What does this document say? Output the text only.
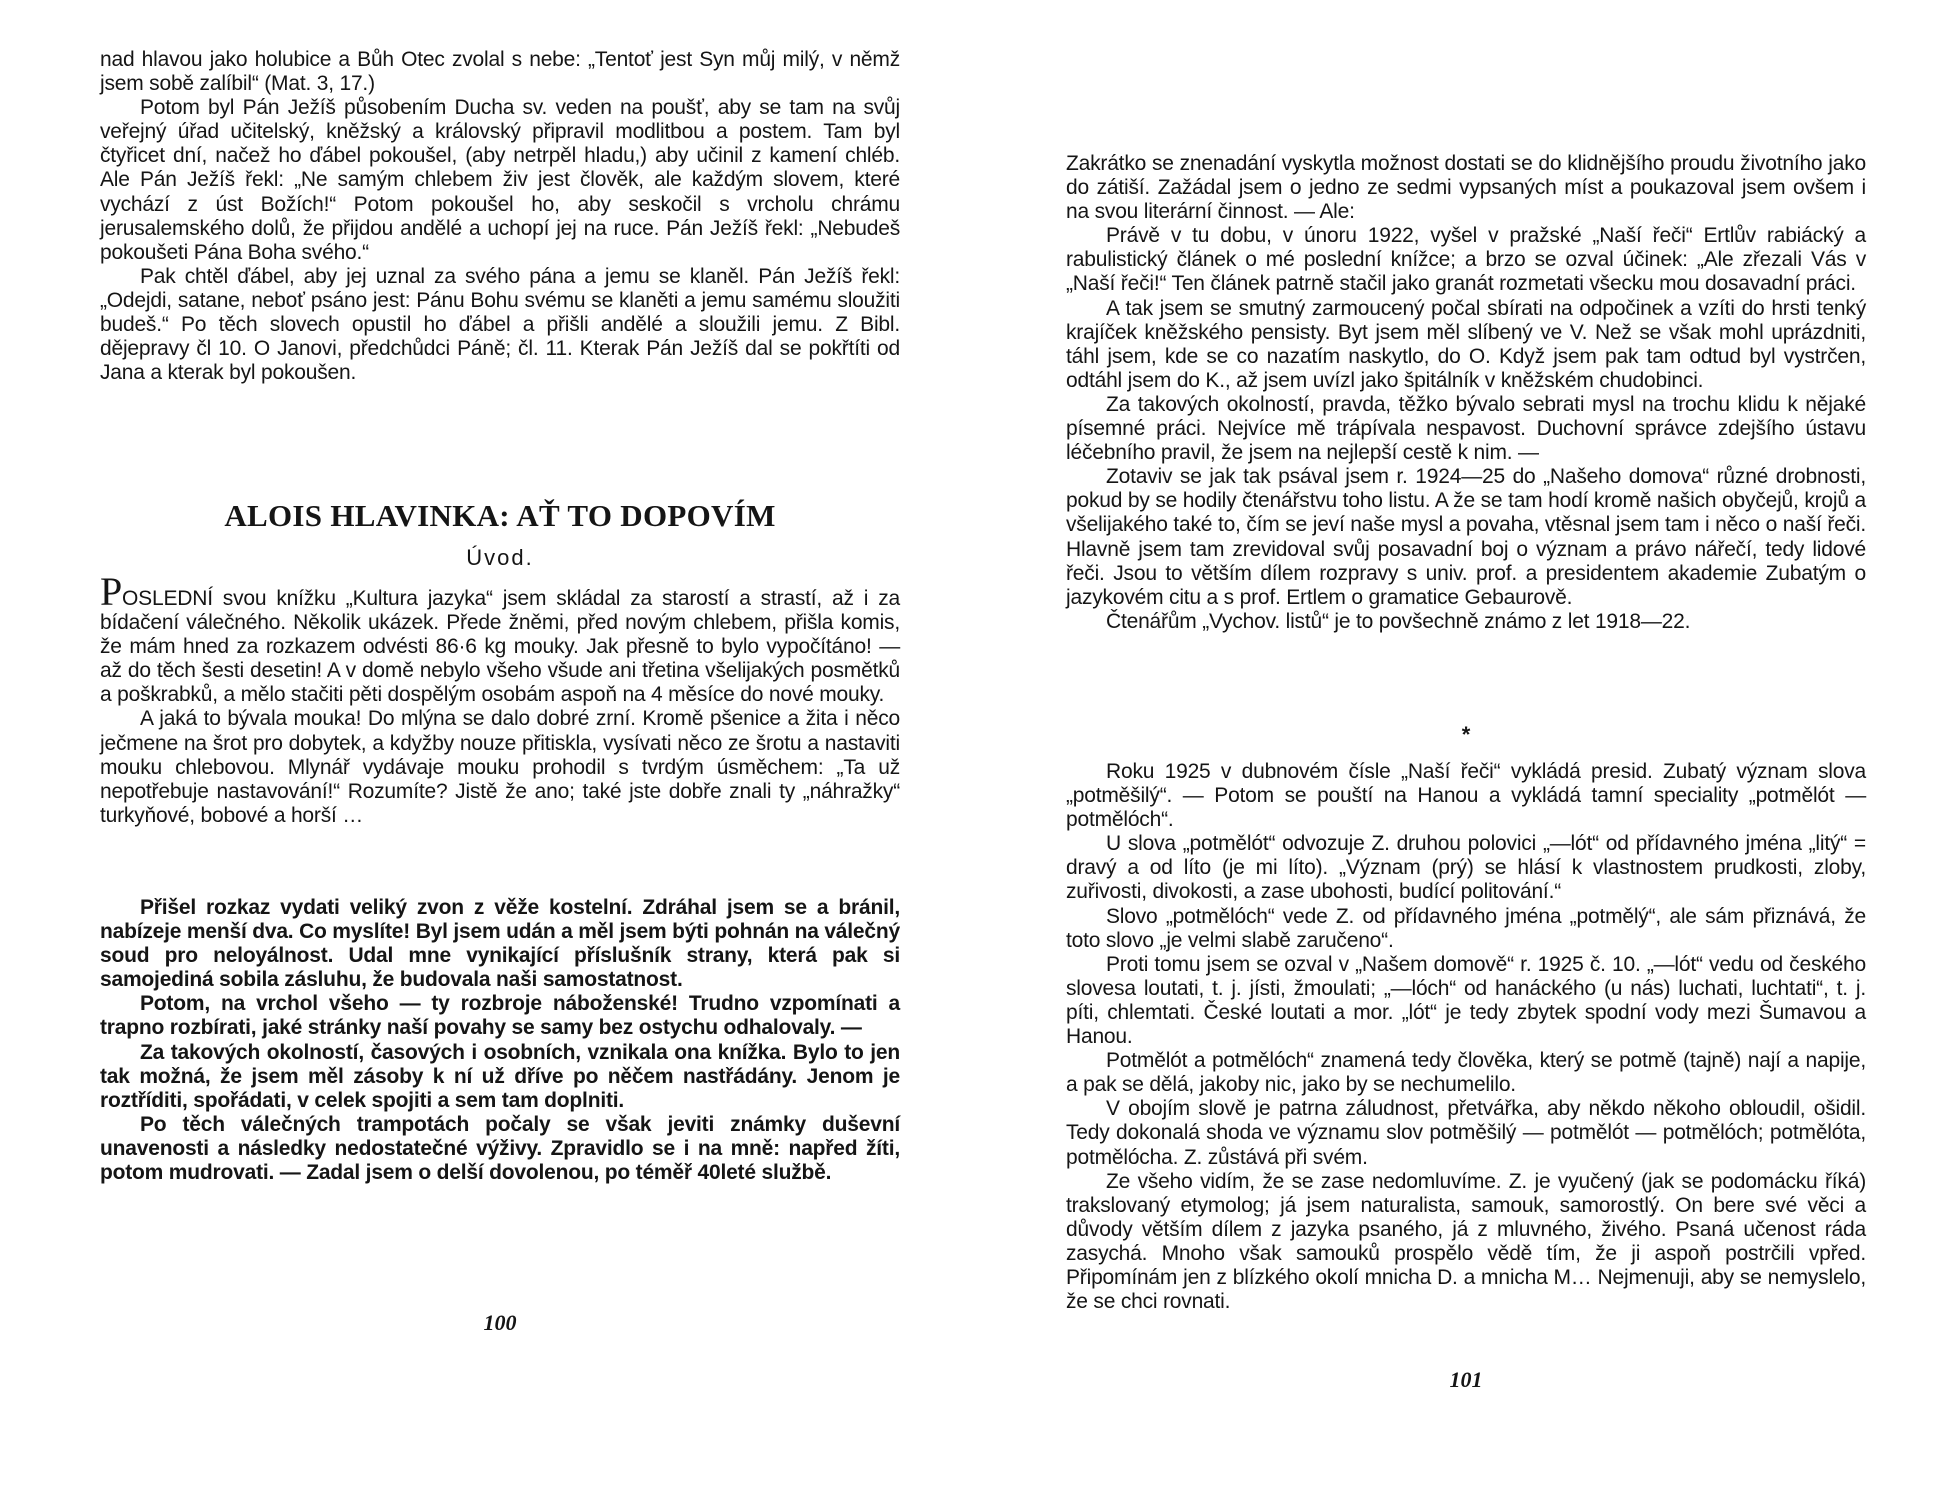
nad hlavou jako holubice a Bůh Otec zvolal s nebe: „Tentoť jest Syn můj milý, v němž jsem sobě zalíbil“ (Mat. 3, 17.)

Potom byl Pán Ježíš působením Ducha sv. veden na poušť, aby se tam na svůj veřejný úřad učitelský, kněžský a královský připravil modlitbou a postem. Tam byl čtyřicet dní, načež ho ďábel pokoušel, (aby netrpěl hladu,) aby učinil z kamení chléb. Ale Pán Ježíš řekl: „Ne samým chlebem živ jest člověk, ale každým slovem, které vychází z úst Božích!“ Potom pokoušel ho, aby seskočil s vrcholu chrámu jerusalemského dolů, že přijdou andělé a uchopí jej na ruce. Pán Ježíš řekl: „Nebudeš pokoušeti Pána Boha svého.“

Pak chtěl ďábel, aby jej uznal za svého pána a jemu se klaněl. Pán Ježíš řekl: „Odejdi, satane, neboť psáno jest: Pánu Bohu svému se klaněti a jemu samému sloužiti budeš.“ Po těch slovech opustil ho ďábel a přišli andělé a sloužili jemu. Z Bibl. dějepravy čl 10. O Janovi, předchůdci Páně; čl. 11. Kterak Pán Ježíš dal se pokřtíti od Jana a kterak byl pokoušen.

ALOIS HLAVINKA: AŤ TO DOPOVÍM

Úvod.

POSLEDNÍ svou knížku „Kultura jazyka“ jsem skládal za starostí a strastí, až i za bídačení válečného. Několik ukázek. Přede žněmi, před novým chlebem, přišla komis, že mám hned za rozkazem odvésti 86·6 kg mouky. Jak přesně to bylo vypočítáno! — až do těch šesti desetin! A v domě nebylo všeho všude ani třetina všelijakých posmětků a poškrabků, a mělo stačiti pěti dospělým osobám aspoň na 4 měsíce do nové mouky.

A jaká to bývala mouka! Do mlýna se dalo dobré zrní. Kromě pšenice a žita i něco ječmene na šrot pro dobytek, a kdyžby nouze přitiskla, vysívati něco ze šrotu a nastaviti mouku chlebovou. Mlynář vydávaje mouku prohodil s tvrdým úsměchem: „Ta už nepotřebuje nastavování!“ Rozumíte? Jistě že ano; také jste dobře znali ty „náhražky“ turkyňové, bobové a horší …

Přišel rozkaz vydati veliký zvon z věže kostelní. Zdráhal jsem se a bránil, nabízeje menší dva. Co myslíte! Byl jsem udán a měl jsem býti pohnán na válečný soud pro neloyálnost. Udal mne vynikající příslušník strany, která pak si samojediná sobila zásluhu, že budovala naši samostatnost.

Potom, na vrchol všeho — ty rozbroje náboženské! Trudno vzpomínati a trapno rozbírati, jaké stránky naší povahy se samy bez ostychu odhalovaly. —

Za takových okolností, časových i osobních, vznikala ona knížka. Bylo to jen tak možná, že jsem měl zásoby k ní už dříve po něčem nastřádány. Jenom je roztříditi, spořádati, v celek spojiti a sem tam doplniti.

Po těch válečných trampotách počaly se však jeviti známky duševní unavenosti a následky nedostatečné výživy. Zpravidlo se i na mně: napřed žíti, potom mudrovati. — Zadal jsem o delší dovolenou, po téměř 40leté službě.

100

Zakrátko se znenadání vyskytla možnost dostati se do klidnějšího proudu životního jako do zátiší. Zažádal jsem o jedno ze sedmi vypsaných míst a poukazoval jsem ovšem i na svou literární činnost. — Ale:

Právě v tu dobu, v únoru 1922, vyšel v pražské „Naší řeči“ Ertlův rabiácký a rabulistický článek o mé poslední knížce; a brzo se ozval účinek: „Ale zřezali Vás v „Naší řeči!“ Ten článek patrně stačil jako granát rozmetati všecku mou dosavadní práci.

A tak jsem se smutný zarmoucený počal sbírati na odpočinek a vzíti do hrsti tenký krajíček kněžského pensisty. Byt jsem měl slíbený ve V. Než se však mohl uprázdniti, táhl jsem, kde se co nazatím naskytlo, do O. Když jsem pak tam odtud byl vystrčen, odtáhl jsem do K., až jsem uvízl jako špitálník v kněžském chudobinci.

Za takových okolností, pravda, těžko bývalo sebrati mysl na trochu klidu k nějaké písemné práci. Nejvíce mě trápívala nespavost. Duchovní správce zdejšího ústavu léčebního pravil, že jsem na nejlepší cestě k nim. —

Zotaviv se jak tak psával jsem r. 1924—25 do „Našeho domova“ různé drobnosti, pokud by se hodily čtenářstvu toho listu. A že se tam hodí kromě našich obyčejů, krojů a všelijakého také to, čím se jeví naše mysl a povaha, vtěsnal jsem tam i něco o naší řeči. Hlavně jsem tam zrevidoval svůj posavadní boj o význam a právo nářečí, tedy lidové řeči. Jsou to větším dílem rozpravy s univ. prof. a presidentem akademie Zubatým o jazykovém citu a s prof. Ertlem o gramatice Gebaurově.

Čtenářům „Vychov. listů“ je to povšechně známo z let 1918—22.

*

Roku 1925 v dubnovém čísle „Naší řeči“ vykládá presid. Zubatý význam slova „potměšilý“. — Potom se pouští na Hanou a vykládá tamní speciality „potmělót — potmělóch“.

U slova „potmělót“ odvozuje Z. druhou polovici „—lót“ od přídavného jména „litý“ = dravý a od líto (je mi líto). „Význam (prý) se hlásí k vlastnostem prudkosti, zloby, zuřivosti, divokosti, a zase ubohosti, budící politování.“

Slovo „potmělóch“ vede Z. od přídavného jména „potmělý“, ale sám přiznává, že toto slovo „je velmi slabě zaručeno“.

Proti tomu jsem se ozval v „Našem domově“ r. 1925 č. 10. „—lót“ vedu od českého slovesa loutati, t. j. jísti, žmoulati; „—lóch“ od hanáckého (u nás) luchati, luchtati“, t. j. píti, chlemtati. České loutati a mor. „lót“ je tedy zbytek spodní vody mezi Šumavou a Hanou.

Potmělót a potmělóch“ znamená tedy člověka, který se potmě (tajně) nají a napije, a pak se dělá, jakoby nic, jako by se nechumelilo.

V obojím slově je patrna záludnost, přetvářka, aby někdo někoho obloudil, ošidil. Tedy dokonalá shoda ve významu slov potměšilý — potmělót — potmělóch; potmělóta, potmělócha. Z. zůstává při svém.

Ze všeho vidím, že se zase nedomluvíme. Z. je vyučený (jak se podomácku říká) trakslovaný etymolog; já jsem naturalista, samouk, samorostlý. On bere své věci a důvody větším dílem z jazyka psaného, já z mluvného, živého. Psaná učenost ráda zasychá. Mnoho však samouků prospělo vědě tím, že ji aspoň postrčili vpřed. Připomínám jen z blízkého okolí mnicha D. a mnicha M… Nejmenuji, aby se nemyslelo, že se chci rovnati.

101
